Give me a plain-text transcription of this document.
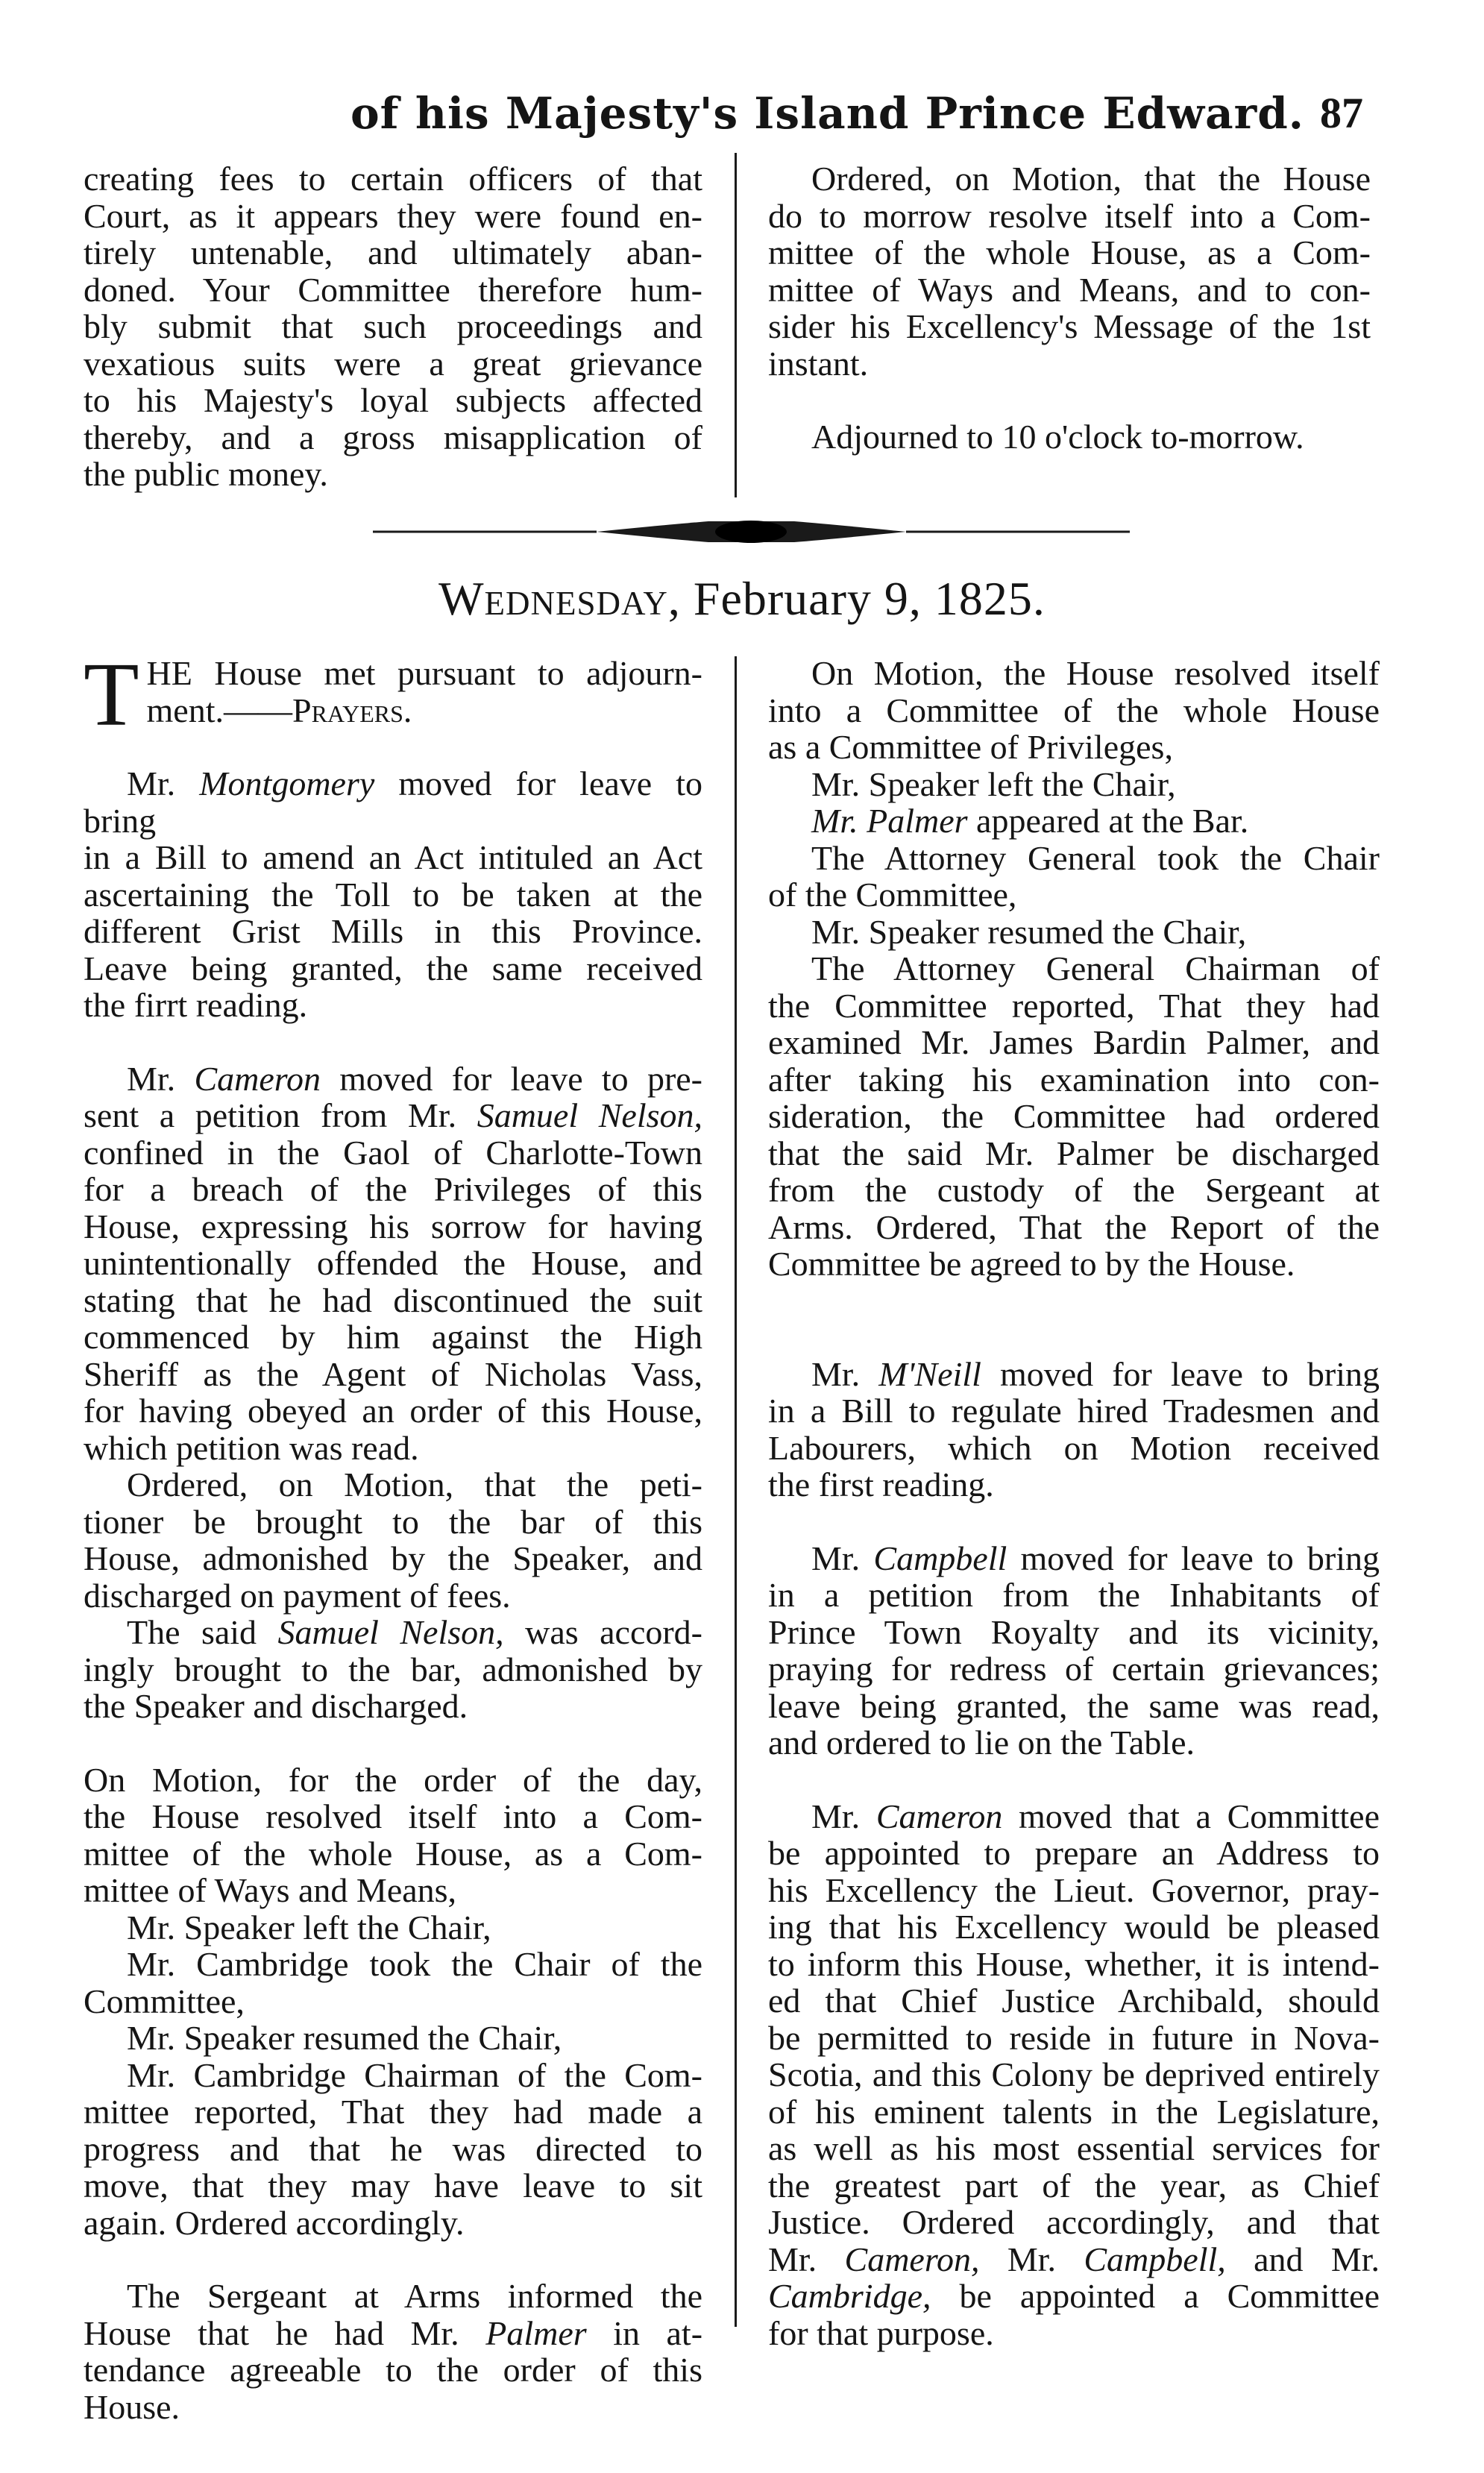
of his Majesty's Island Prince Edward. 87

creating fees to certain officers of that

Court, as it appears they were found en-

tirely untenable, and ultimately aban-

doned. Your Committee therefore hum-

bly submit that such proceedings and

vexatious suits were a great grievance

to his Majesty's loyal subjects affected

thereby, and a gross misapplication of

the public money.

Ordered, on Motion, that the House

do to morrow resolve itself into a Com-

mittee of the whole House, as a Com-

mittee of Ways and Means, and to con-

sider his Excellency's Message of the 1st

instant.

Adjourned to 10 o'clock to-morrow.

Wednesday, February 9, 1825.
T HE House met pursuant to adjourn-

ment.——Prayers.

Mr. Montgomery moved for leave to bring

in a Bill to amend an Act intituled an Act

ascertaining the Toll to be taken at the

different Grist Mills in this Province.

Leave being granted, the same received

the firrt reading.

Mr. Cameron moved for leave to pre-

sent a petition from Mr. Samuel Nelson,

confined in the Gaol of Charlotte-Town

for a breach of the Privileges of this

House, expressing his sorrow for having

unintentionally offended the House, and

stating that he had discontinued the suit

commenced by him against the High

Sheriff as the Agent of Nicholas Vass,

for having obeyed an order of this House,

which petition was read.

Ordered, on Motion, that the peti-

tioner be brought to the bar of this

House, admonished by the Speaker, and

discharged on payment of fees.

The said Samuel Nelson, was accord-

ingly brought to the bar, admonished by

the Speaker and discharged.

On Motion, for the order of the day,

the House resolved itself into a Com-

mittee of the whole House, as a Com-

mittee of Ways and Means,

Mr. Speaker left the Chair,

Mr. Cambridge took the Chair of the

Committee,

Mr. Speaker resumed the Chair,

Mr. Cambridge Chairman of the Com-

mittee reported, That they had made a

progress and that he was directed to

move, that they may have leave to sit

again. Ordered accordingly.

The Sergeant at Arms informed the

House that he had Mr. Palmer in at-

tendance agreeable to the order of this

House.

On Motion, the House resolved itself

into a Committee of the whole House

as a Committee of Privileges,

Mr. Speaker left the Chair,

Mr. Palmer appeared at the Bar.

The Attorney General took the Chair

of the Committee,

Mr. Speaker resumed the Chair,

The Attorney General Chairman of

the Committee reported, That they had

examined Mr. James Bardin Palmer, and

after taking his examination into con-

sideration, the Committee had ordered

that the said Mr. Palmer be discharged

from the custody of the Sergeant at

Arms. Ordered, That the Report of the

Committee be agreed to by the House.

Mr. M'Neill moved for leave to bring

in a Bill to regulate hired Tradesmen and

Labourers, which on Motion received

the first reading.

Mr. Campbell moved for leave to bring

in a petition from the Inhabitants of

Prince Town Royalty and its vicinity,

praying for redress of certain grievances;

leave being granted, the same was read,

and ordered to lie on the Table.

Mr. Cameron moved that a Committee

be appointed to prepare an Address to

his Excellency the Lieut. Governor, pray-

ing that his Excellency would be pleased

to inform this House, whether, it is intend-

ed that Chief Justice Archibald, should

be permitted to reside in future in Nova-

Scotia, and this Colony be deprived entirely

of his eminent talents in the Legislature,

as well as his most essential services for

the greatest part of the year, as Chief

Justice. Ordered accordingly, and that

Mr. Cameron, Mr. Campbell, and Mr.

Cambridge, be appointed a Committee

for that purpose.
